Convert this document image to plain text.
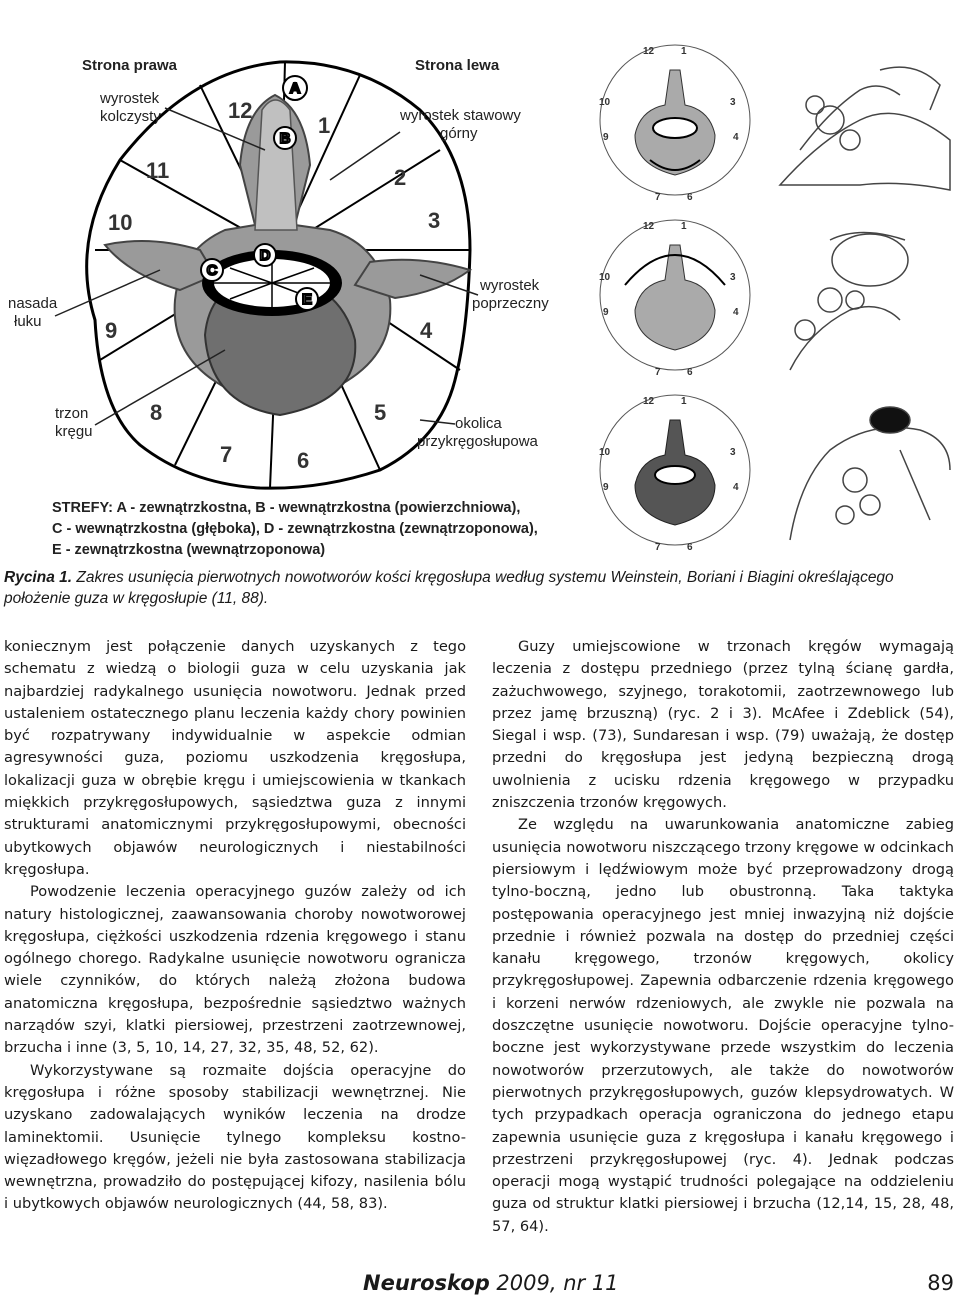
A
B
C
D
E
1
2
3
4
5
6
7
8
9
10
11
12
Strona prawa	Strona lewa
wyrostek
kolczysty	wyrostek stawowy
górny
wyrostek
poprzeczny
nasada
łuku
trzon
kręgu	okolica
przykręgosłupowa
STREFY: A - zewnątrzkostna, B - wewnątrzkostna (powierzchniowa),
C - wewnątrzkostna (głęboka), D - zewnątrzkostna (zewnątrzoponowa),
E - zewnątrzkostna (wewnątrzoponowa)
12	1
3
10
9	4
7	6
12	1
3
10
9	4
7	6
12	1
3
10
9	4
7	6
Rycina 1. Zakres usunięcia pierwotnych nowotworów kości kręgosłupa według systemu Weinstein, Boriani i Biagini określającego położenie guza w kręgosłupie (11, 88).

koniecznym jest połączenie danych uzyskanych z tego schematu z wiedzą o biologii guza w celu uzyskania jak najbardziej radykalnego usunięcia nowotworu. Jednak przed ustaleniem ostatecznego planu leczenia każdy chory powinien być rozpatrywany indywidualnie w aspekcie odmian agresywności guza, poziomu uszkodzenia kręgosłupa, lokalizacji guza w obrębie kręgu i umiejscowienia w tkankach miękkich przykręgosłupowych, sąsiedztwa guza z innymi strukturami anatomicznymi przykręgosłupowymi, obecności ubytkowych objawów neurologicznych i niestabilności kręgosłupa.

Powodzenie leczenia operacyjnego guzów zależy od ich natury histologicznej, zaawansowania choroby nowotworowej kręgosłupa, ciężkości uszkodzenia rdzenia kręgowego i stanu ogólnego chorego. Radykalne usunięcie nowotworu ogranicza wiele czynników, do których należą złożona budowa anatomiczna kręgosłupa, bezpośrednie sąsiedztwo ważnych narządów szyi, klatki piersiowej, przestrzeni zaotrzewnowej, brzucha i inne (3, 5, 10, 14, 27, 32, 35, 48, 52, 62).

Wykorzystywane są rozmaite dojścia operacyjne do kręgosłupa i różne sposoby stabilizacji wewnętrznej. Nie uzyskano zadowalających wyników leczenia na drodze laminektomii. Usunięcie tylnego kompleksu kostno-więzadłowego kręgów, jeżeli nie była zastosowana stabilizacja wewnętrzna, prowadziło do postępującej kifozy, nasilenia bólu i ubytkowych objawów neurologicznych (44, 58, 83).

Guzy umiejscowione w trzonach kręgów wymagają leczenia z dostępu przedniego (przez tylną ścianę gardła, zażuchwowego, szyjnego, torakotomii, zaotrzewnowego lub przez jamę brzuszną) (ryc. 2 i 3). McAfee i Zdeblick (54), Siegal i wsp. (73), Sundaresan i wsp. (79) uważają, że dostęp przedni do kręgosłupa jest jedyną bezpieczną drogą uwolnienia z ucisku rdzenia kręgowego w przypadku zniszczenia trzonów kręgowych.

Ze względu na uwarunkowania anatomiczne zabieg usunięcia nowotworu niszczącego trzony kręgowe w odcinkach piersiowym i lędźwiowym może być przeprowadzony drogą tylno-boczną, jedno lub obustronną. Taka taktyka postępowania operacyjnego jest mniej inwazyjną niż dojście przednie i również pozwala na dostęp do przedniej części kanału kręgowego, trzonów kręgowych, okolicy przykręgosłupowej. Zapewnia odbarczenie rdzenia kręgowego i korzeni nerwów rdzeniowych, ale zwykle nie pozwala na doszczętne usunięcie nowotworu. Dojście operacyjne tylno-boczne jest wykorzystywane przede wszystkim do leczenia nowotworów przerzutowych, ale także do nowotworów pierwotnych przykręgosłupowych, guzów klepsydrowatych. W tych przypadkach operacja ograniczona do jednego etapu zapewnia usunięcie guza z kręgosłupa i kanału kręgowego i przestrzeni przykręgosłupowej (ryc. 4). Jednak podczas operacji mogą wystąpić trudności polegające na oddzieleniu guza od struktur klatki piersiowej i brzucha (12,14, 15, 28, 48, 57, 64).

Neuroskop 2009, nr 11	89
